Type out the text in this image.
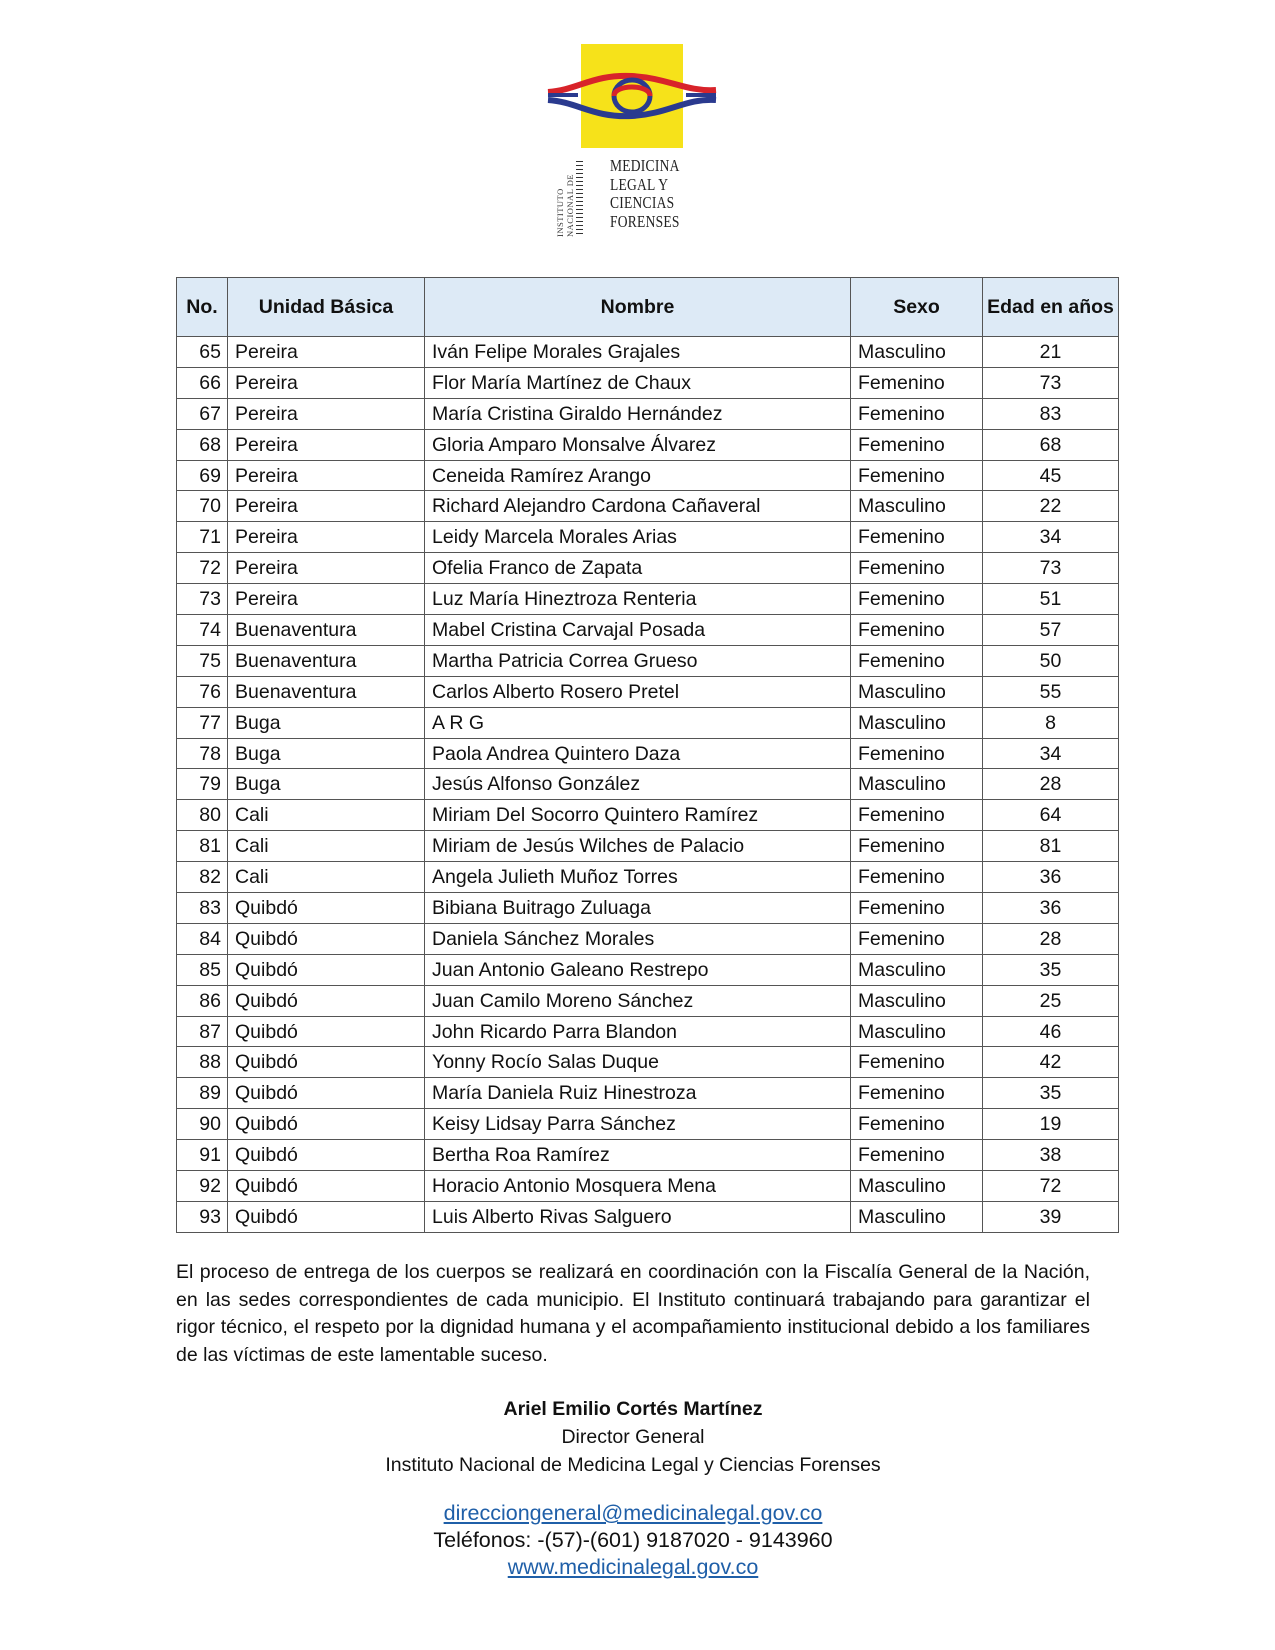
INSTITUTO NACIONAL DE
MEDICINA
LEGAL Y
CIENCIAS
FORENSES
No.	Unidad Básica	Nombre	Sexo	Edad en años
65	Pereira	Iván Felipe Morales Grajales	Masculino	21
66	Pereira	Flor María Martínez de Chaux	Femenino	73
67	Pereira	María Cristina Giraldo Hernández	Femenino	83
68	Pereira	Gloria Amparo Monsalve Álvarez	Femenino	68
69	Pereira	Ceneida Ramírez Arango	Femenino	45
70	Pereira	Richard Alejandro Cardona Cañaveral	Masculino	22
71	Pereira	Leidy Marcela Morales Arias	Femenino	34
72	Pereira	Ofelia Franco de Zapata	Femenino	73
73	Pereira	Luz María Hineztroza Renteria	Femenino	51
74	Buenaventura	Mabel Cristina Carvajal Posada	Femenino	57
75	Buenaventura	Martha Patricia Correa Grueso	Femenino	50
76	Buenaventura	Carlos Alberto Rosero Pretel	Masculino	55
77	Buga	A R G	Masculino	8
78	Buga	Paola Andrea Quintero Daza	Femenino	34
79	Buga	Jesús Alfonso González	Masculino	28
80	Cali	Miriam Del Socorro Quintero Ramírez	Femenino	64
81	Cali	Miriam de Jesús Wilches de Palacio	Femenino	81
82	Cali	Angela Julieth Muñoz Torres	Femenino	36
83	Quibdó	Bibiana Buitrago Zuluaga	Femenino	36
84	Quibdó	Daniela Sánchez Morales	Femenino	28
85	Quibdó	Juan Antonio Galeano Restrepo	Masculino	35
86	Quibdó	Juan Camilo Moreno Sánchez	Masculino	25
87	Quibdó	John Ricardo Parra Blandon	Masculino	46
88	Quibdó	Yonny Rocío Salas Duque	Femenino	42
89	Quibdó	María Daniela Ruiz Hinestroza	Femenino	35
90	Quibdó	Keisy Lidsay Parra Sánchez	Femenino	19
91	Quibdó	Bertha Roa Ramírez	Femenino	38
92	Quibdó	Horacio Antonio Mosquera Mena	Masculino	72
93	Quibdó	Luis Alberto Rivas Salguero	Masculino	39
El proceso de entrega de los cuerpos se realizará en coordinación con la Fiscalía General de la Nación, en las sedes correspondientes de cada municipio. El Instituto continuará trabajando para garantizar el rigor técnico, el respeto por la dignidad humana y el acompañamiento institucional debido a los familiares de las víctimas de este lamentable suceso.
Ariel Emilio Cortés Martínez
Director General
Instituto Nacional de Medicina Legal y Ciencias Forenses
direcciongeneral@medicinalegal.gov.co
Teléfonos: -(57)-(601) 9187020 - 9143960
www.medicinalegal.gov.co
